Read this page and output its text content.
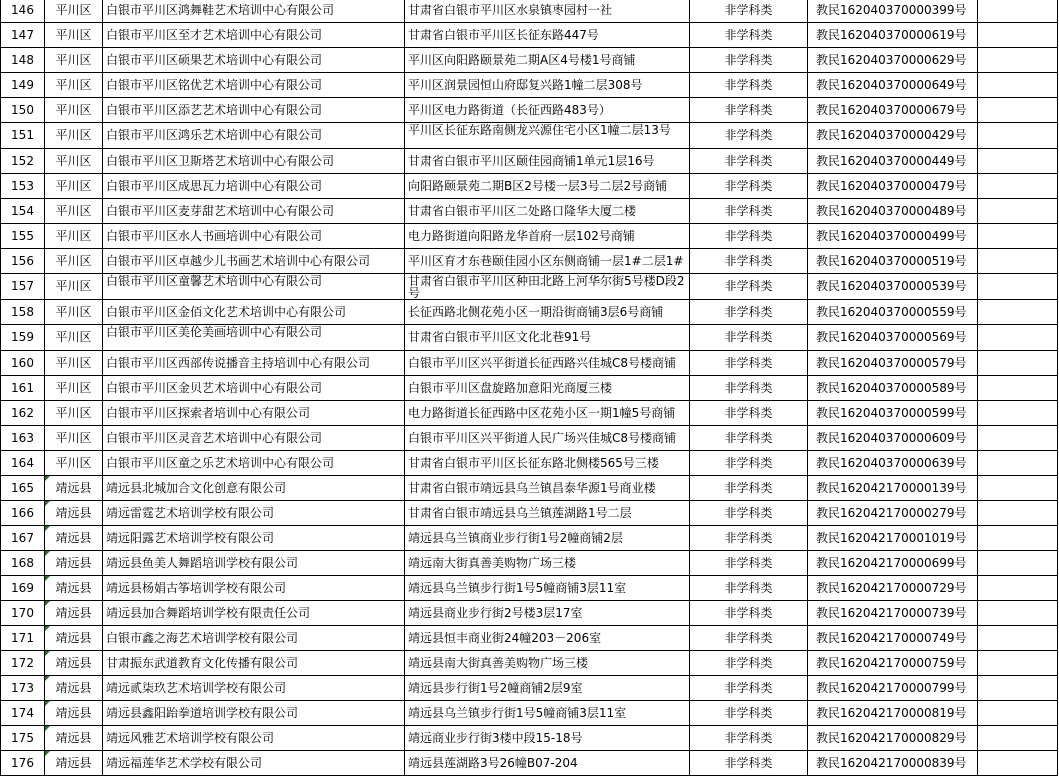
146	平川区	白银市平川区鸿舞鞋艺术培训中心有限公司	甘肃省白银市平川区水泉镇枣园村一社	非学科类	教民162040370000399号	
147	平川区	白银市平川区至才艺术培训中心有限公司	甘肃省白银市平川区长征东路447号	非学科类	教民162040370000619号	
148	平川区	白银市平川区硕果艺术培训中心有限公司	平川区向阳路颐景苑二期A区4号楼1号商铺	非学科类	教民162040370000629号	
149	平川区	白银市平川区铭优艺术培训中心有限公司	平川区润景园恒山府邸复兴路1幢二层308号	非学科类	教民162040370000649号	
150	平川区	白银市平川区添艺艺术培训中心有限公司	平川区电力路街道（长征西路483号）	非学科类	教民162040370000679号	
151	平川区	白银市平川区鸿乐艺术培训中心有限公司	平川区长征东路南侧龙兴源住宅小区1幢二层13号	非学科类	教民162040370000429号	
152	平川区	白银市平川区卫斯塔艺术培训中心有限公司	甘肃省白银市平川区颐佳园商铺1单元1层16号	非学科类	教民162040370000449号	
153	平川区	白银市平川区成思瓦力培训中心有限公司	向阳路颐景苑二期B区2号楼一层3号二层2号商铺	非学科类	教民162040370000479号	
154	平川区	白银市平川区麦芽甜艺术培训中心有限公司	甘肃省白银市平川区二处路口隆华大厦二楼	非学科类	教民162040370000489号	
155	平川区	白银市平川区水人书画培训中心有限公司	电力路街道向阳路龙华首府一层102号商铺	非学科类	教民162040370000499号	
156	平川区	白银市平川区卓越少儿书画艺术培训中心有限公司	平川区育才东巷颐佳园小区东侧商铺一层1#二层1#	非学科类	教民162040370000519号	
157	平川区	白银市平川区童馨艺术培训中心有限公司	甘肃省白银市平川区种田北路上河华尔街5号楼D段2号	非学科类	教民162040370000539号	
158	平川区	白银市平川区金佰文化艺术培训中心有限公司	长征西路北侧花苑小区一期沿街商铺3层6号商铺	非学科类	教民162040370000559号	
159	平川区	白银市平川区美伦美画培训中心有限公司	甘肃省白银市平川区文化北巷91号	非学科类	教民162040370000569号	
160	平川区	白银市平川区西部传说播音主持培训中心有限公司	白银市平川区兴平街道长征西路兴佳城C8号楼商铺	非学科类	教民162040370000579号	
161	平川区	白银市平川区金贝艺术培训中心有限公司	白银市平川区盘旋路加意阳光商厦三楼	非学科类	教民162040370000589号	
162	平川区	白银市平川区探索者培训中心有限公司	电力路街道长征西路中区花苑小区一期1幢5号商铺	非学科类	教民162040370000599号	
163	平川区	白银市平川区灵音艺术培训中心有限公司	白银市平川区兴平街道人民广场兴佳城C8号楼商铺	非学科类	教民162040370000609号	
164	平川区	白银市平川区童之乐艺术培训中心有限公司	甘肃省白银市平川区长征东路北侧楼565号三楼	非学科类	教民162040370000639号	
165	靖远县	靖远县北城加合文化创意有限公司	甘肃省白银市靖远县乌兰镇昌泰华源1号商业楼	非学科类	教民162042170000139号	
166	靖远县	靖远雷霆艺术培训学校有限公司	甘肃省白银市靖远县乌兰镇莲湖路1号二层	非学科类	教民162042170000279号	
167	靖远县	靖远阳露艺术培训学校有限公司	靖远县乌兰镇商业步行街1号2幢商铺2层	非学科类	教民162042170001019号	
168	靖远县	靖远县鱼美人舞蹈培训学校有限公司	靖远南大街真善美购物广场三楼	非学科类	教民162042170000699号	
169	靖远县	靖远县杨娟古筝培训学校有限公司	靖远县乌兰镇步行街1号5幢商铺3层11室	非学科类	教民162042170000729号	
170	靖远县	靖远县加合舞蹈培训学校有限责任公司	靖远县商业步行街2号楼3层17室	非学科类	教民162042170000739号	
171	靖远县	白银市鑫之海艺术培训学校有限公司	靖远县恒丰商业街24幢203－206室	非学科类	教民162042170000749号	
172	靖远县	甘肃振东武道教育文化传播有限公司	靖远县南大街真善美购物广场三楼	非学科类	教民162042170000759号	
173	靖远县	靖远贰柒玖艺术培训学校有限公司	靖远县步行街1号2幢商铺2层9室	非学科类	教民162042170000799号	
174	靖远县	靖远县鑫阳跆拳道培训学校有限公司	靖远县乌兰镇步行街1号5幢商铺3层11室	非学科类	教民162042170000819号	
175	靖远县	靖远风雅艺术培训学校有限公司	靖远商业步行街3楼中段15-18号	非学科类	教民162042170000829号	
176	靖远县	靖远福莲华艺术学校有限公司	靖远县莲湖路3号26幢B07-204	非学科类	教民162042170000839号	
